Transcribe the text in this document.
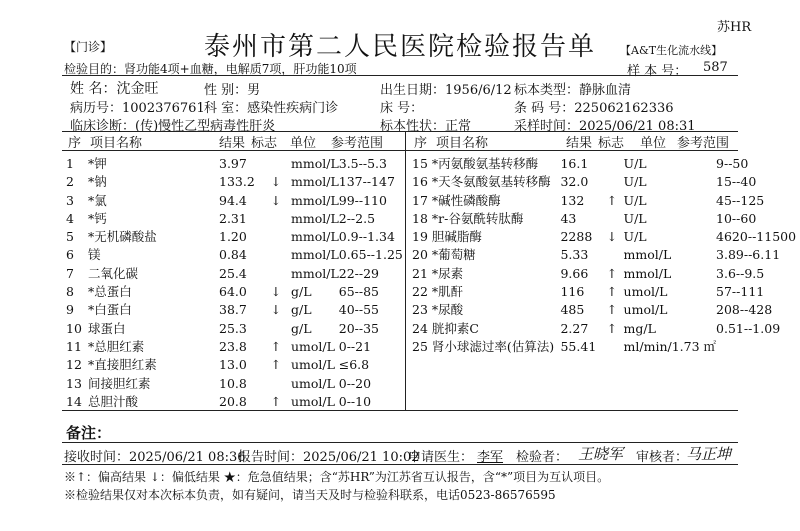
苏HR
【门诊】	泰州市第二人民医院检验报告单	【A&T生化流水线】
样 本 号： 587
检验目的：肾功能4项+血糖，电解质7项，肝功能10项
姓 名：沈金旺	性 别：男	出生日期：1956/6/12 标本类型：静脉血清
病历号：1002376761 科 室：感染性疾病门诊	床 号：	条 码 号：225062162336
临床诊断：(传)慢性乙型病毒性肝炎	标本性状：正常	采样时间：2025/06/21 08:31
序 项目名称	结果 标志 单位 参考范围 序 项目名称	结果 标志 单位 参考范围
1	*钾	3.97		mmol/L	3.5--5.3
2	*钠	133.2	↓	mmol/L	137--147
3	*氯	94.4	↓	mmol/L	99--110
4	*钙	2.31		mmol/L	2--2.5
5	*无机磷酸盐	1.20		mmol/L	0.9--1.34
6	镁	0.84		mmol/L	0.65--1.25
7	二氧化碳	25.4		mmol/L	22--29
8	*总蛋白	64.0	↓	g/L	65--85
9	*白蛋白	38.7	↓	g/L	40--55
10	球蛋白	25.3		g/L	20--35
11	*总胆红素	23.8	↑	umol/L	0--21
12	*直接胆红素	13.0	↑	umol/L	≤6.8
13	间接胆红素	10.8		umol/L	0--20
14	总胆汁酸	20.8	↑	umol/L	0--10
15	*丙氨酸氨基转移酶	16.1		U/L	9--50
16	*天冬氨酸氨基转移酶	32.0		U/L	15--40
17	*碱性磷酸酶	132	↑	U/L	45--125
18	*r-谷氨酰转肽酶	43		U/L	10--60
19	胆碱脂酶	2288	↓	U/L	4620--11500
20	*葡萄糖	5.33		mmol/L	3.89--6.11
21	*尿素	9.66	↑	mmol/L	3.6--9.5
22	*肌酐	116	↑	umol/L	57--111
23	*尿酸	485	↑	umol/L	208--428
24	胱抑素C	2.27	↑	mg/L	0.51--1.09
25	肾小球滤过率(估算法)	55.41		ml/min/1.73 ㎡	
备注：
接收时间：2025/06/21 08:36
报告时间：2025/06/21 10:02
申请医生： 李军 检验者： 王晓军 审核者：
马正坤
※↑：偏高结果 ↓：偏低结果 ★：危急值结果；含“苏HR”为江苏省互认报告，含“*”项目为互认项目。
※检验结果仅对本次标本负责，如有疑问，请当天及时与检验科联系，电话0523-86576595
